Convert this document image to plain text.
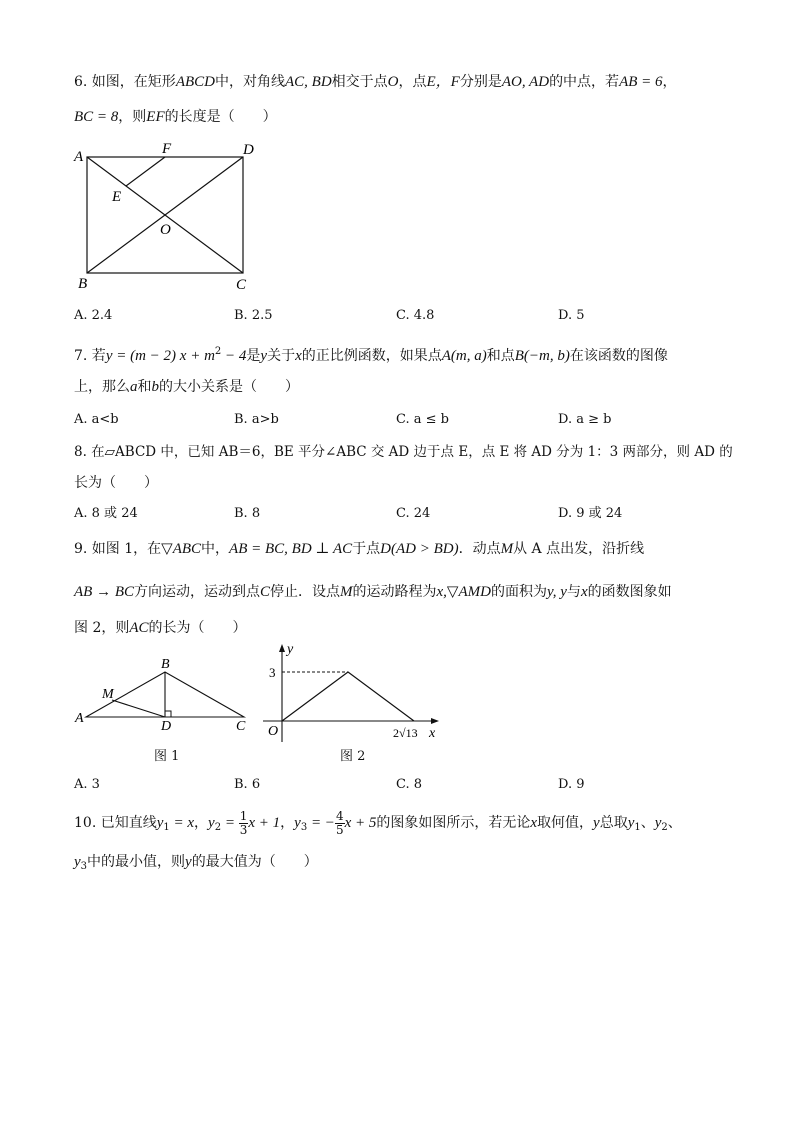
6. 如图，在矩形ABCD中，对角线AC, BD相交于点O，点E，F分别是AO, AD的中点，若AB = 6，
BC = 8，则EF的长度是（　　）
A	F	D
E
O
B	C
A. 2.4	B. 2.5	C. 4.8	D. 5
7. 若y = (m − 2) $x + m^2 - 4$是y关于x的正比例函数，如果点A(m, a)和点B(−m, b)在该函数的图像
上，那么a和b的大小关系是（　　）
A. a<b	B. a>b	C. a ≤ b	D. a ≥ b
8. 在▱ABCD 中，已知 AB＝6，BE 平分∠ABC 交 AD 边于点 E，点 E 将 AD 分为 1：3 两部分，则 AD 的
长为（　　）
A. 8 或 24	B. 8	C. 24	D. 9 或 24
9. 如图 1，在▽ABC中，AB = BC, BD ⊥ AC于点D(AD > BD)．动点M从 A 点出发，沿折线
AB → BC方向运动，运动到点C停止．设点M的运动路程为x,▽AMD的面积为y, y与x的函数图象如
图 2，则AC的长为（　　）
A
B
C
D
M
图 1
y
3
O	2√13 x
图 2
A. 3	B. 6	C. 8	D. 9
10. 已知直线$y_1 = x$，$y_2 = \frac{1}{3}$ x + 1，$y_3$ = − $\frac{4}{5}$ x + 5的图象如图所示，若无论x取何值，y总取$y_1$、$y_2$、
$y_3$中的最小值，则y的最大值为（　　）
